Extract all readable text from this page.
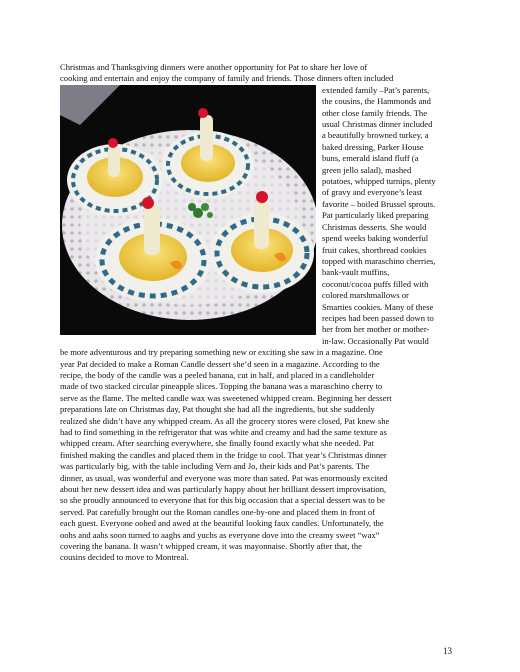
Christmas and Thanksgiving dinners were another opportunity for Pat to share her love of
cooking and entertain and enjoy the company of family and friends. Those dinners often included
extended family –Pat’s parents,
the cousins, the Hammonds and
other close family friends. The
usual Christmas dinner included
a beautifully browned turkey, a
baked dressing, Parker House
buns, emerald island fluff (a
green jello salad), mashed
potatoes, whipped turnips, plenty
of gravy and everyone’s least
favorite – boiled Brussel sprouts.
Pat particularly liked preparing
Christmas desserts. She would
spend weeks baking wonderful
fruit cakes, shortbread cookies
topped with maraschino cherries,
bank-vault muffins,
coconut/cocoa puffs filled with
colored marshmallows or
Smarties cookies. Many of these
recipes had been passed down to
her from her mother or mother-
in-law. Occasionally Pat would
be more adventurous and try preparing something new or exciting she saw in a magazine. One
year Pat decided to make a Roman Candle dessert she’d seen in a magazine. According to the
recipe, the body of the candle was a peeled banana, cut in half, and placed in a candleholder
made of two stacked circular pineapple slices. Topping the banana was a maraschino cherry to
serve as the flame. The melted candle wax was sweetened whipped cream. Beginning her dessert
preparations late on Christmas day, Pat thought she had all the ingredients, but she suddenly
realized she didn’t have any whipped cream. As all the grocery stores were closed, Pat knew she
had to find something in the refrigerator that was white and creamy and had the same texture as
whipped cream. After searching everywhere, she finally found exactly what she needed. Pat
finished making the candles and placed them in the fridge to cool. That year’s Christmas dinner
was particularly big, with the table including Vern and Jo, their kids and Pat’s parents. The
dinner, as usual, was wonderful and everyone was more than sated. Pat was enormously excited
about her new dessert idea and was particularly happy about her brilliant dessert improvisation,
so she proudly announced to everyone that for this big occasion that a special dessert was to be
served. Pat carefully brought out the Roman candles one-by-one and placed them in front of
each guest. Everyone oohed and awed at the beautiful looking faux candles. Unfortunately, the
oohs and aahs soon turned to aaghs and yuchs as everyone dove into the creamy sweet “wax”
covering the banana. It wasn’t whipped cream, it was mayonnaise. Shortly after that, the
cousins decided to move to Montreal.

13
